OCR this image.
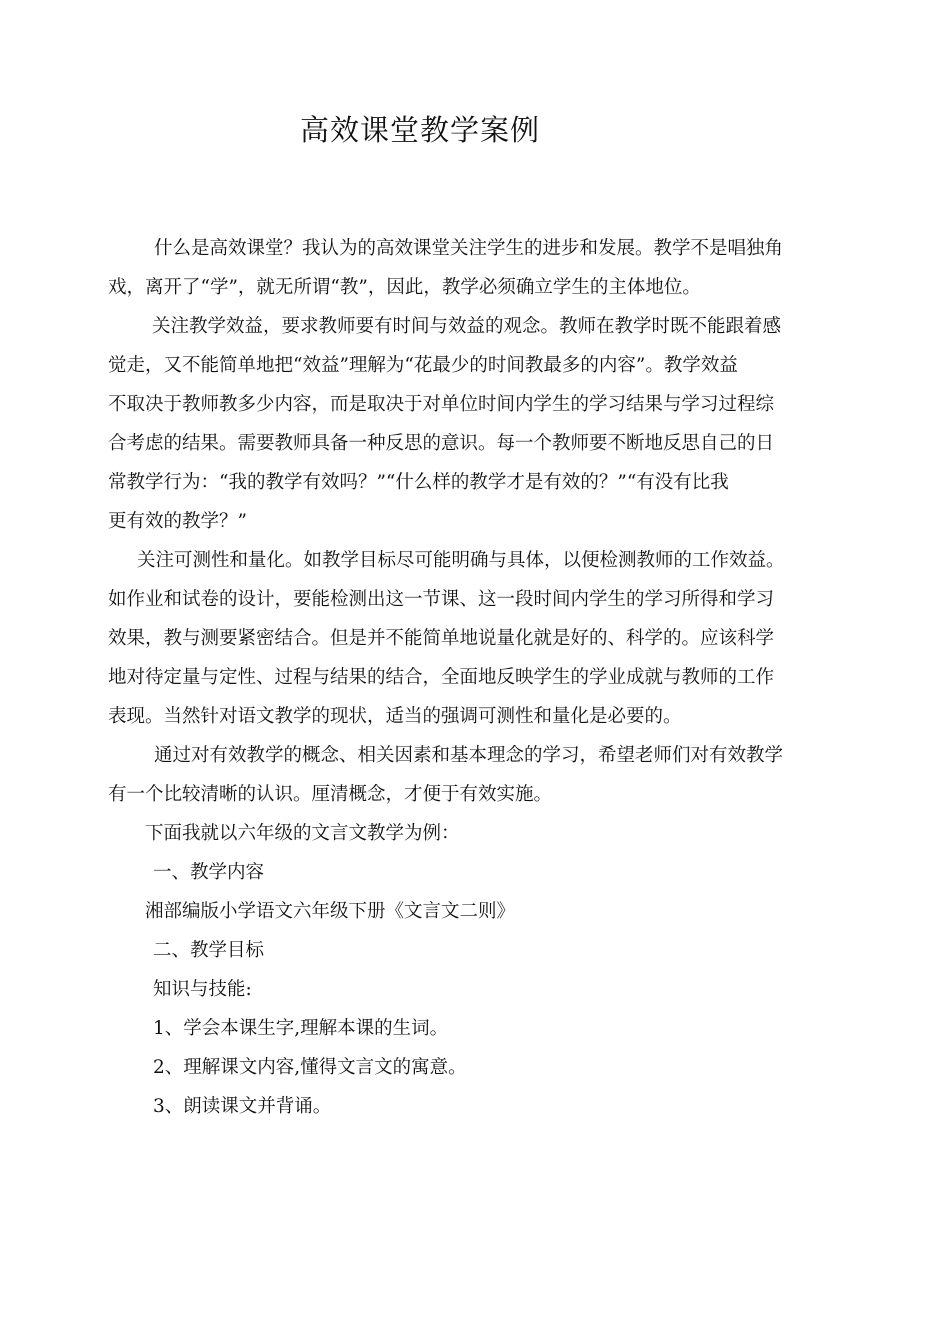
高效课堂教学案例

什么是高效课堂？我认为的高效课堂关注学生的进步和发展。教学不是唱独角
戏，离开了“学”，就无所谓“教”，因此，教学必须确立学生的主体地位。

关注教学效益，要求教师要有时间与效益的观念。教师在教学时既不能跟着感
觉走，又不能简单地把“效益”理解为“花最少的时间教最多的内容”。教学效益
不取决于教师教多少内容，而是取决于对单位时间内学生的学习结果与学习过程综
合考虑的结果。需要教师具备一种反思的意识。每一个教师要不断地反思自己的日
常教学行为：“我的教学有效吗？”“什么样的教学才是有效的？”“有没有比我
更有效的教学？”

关注可测性和量化。如教学目标尽可能明确与具体，以便检测教师的工作效益。
如作业和试卷的设计，要能检测出这一节课、这一段时间内学生的学习所得和学习
效果，教与测要紧密结合。但是并不能简单地说量化就是好的、科学的。应该科学
地对待定量与定性、过程与结果的结合，全面地反映学生的学业成就与教师的工作
表现。当然针对语文教学的现状，适当的强调可测性和量化是必要的。

通过对有效教学的概念、相关因素和基本理念的学习，希望老师们对有效教学
有一个比较清晰的认识。厘清概念，才便于有效实施。

下面我就以六年级的文言文教学为例：

一、教学内容

湘部编版小学语文六年级下册《文言文二则》

二、教学目标

知识与技能:

1、学会本课生字,理解本课的生词。

2、理解课文内容,懂得文言文的寓意。

3、朗读课文并背诵。
